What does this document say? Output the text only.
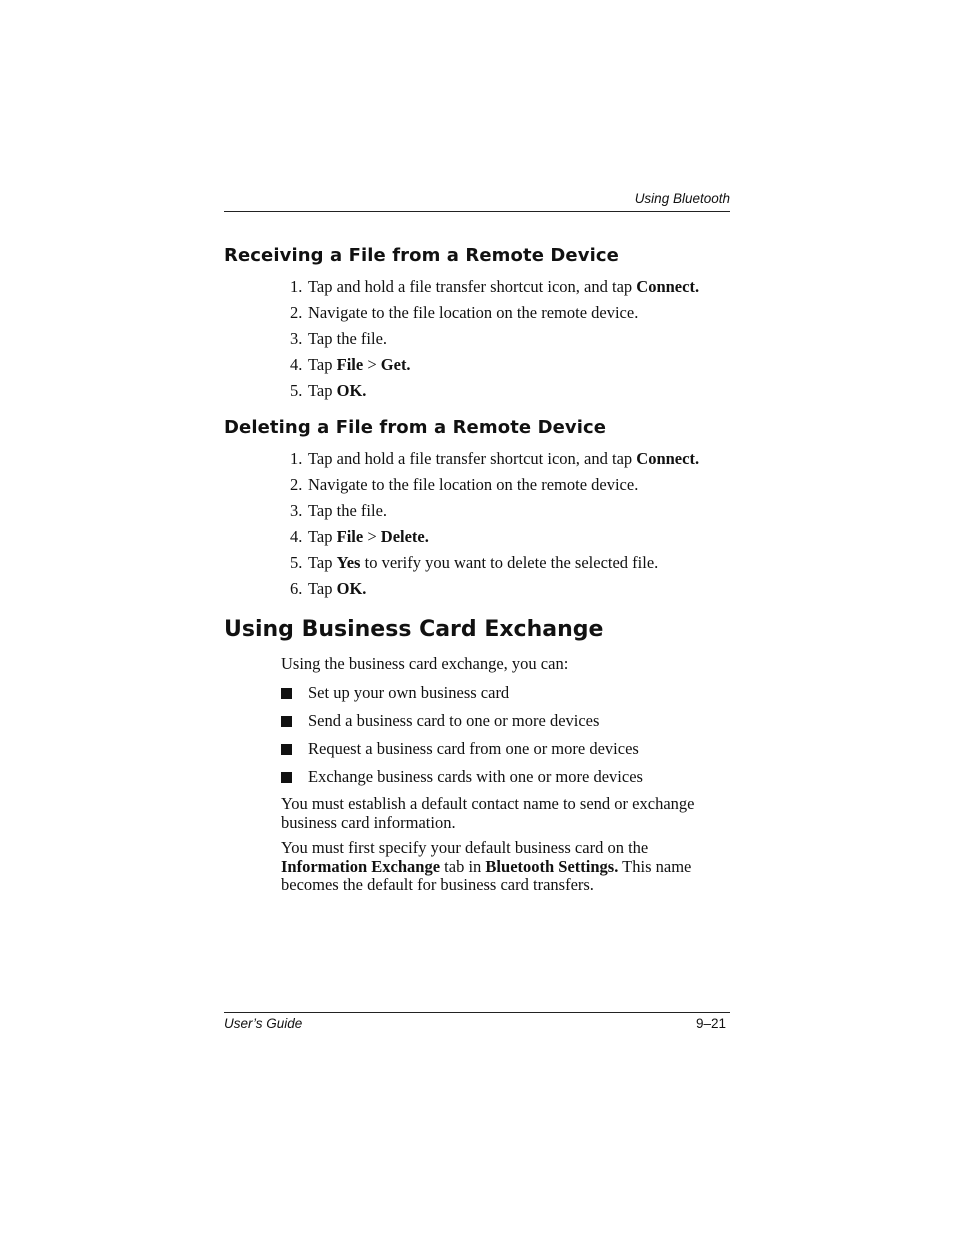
Using Bluetooth
Receiving a File from a Remote Device
1. Tap and hold a file transfer shortcut icon, and tap Connect.
2. Navigate to the file location on the remote device.
3. Tap the file.
4. Tap File > Get.
5. Tap OK.
Deleting a File from a Remote Device
1. Tap and hold a file transfer shortcut icon, and tap Connect.
2. Navigate to the file location on the remote device.
3. Tap the file.
4. Tap File > Delete.
5. Tap Yes to verify you want to delete the selected file.
6. Tap OK.
Using Business Card Exchange

Using the business card exchange, you can:

Set up your own business card
Send a business card to one or more devices
Request a business card from one or more devices
Exchange business cards with one or more devices

You must establish a default contact name to send or exchange business card information.

You must first specify your default business card on the Information Exchange tab in Bluetooth Settings. This name becomes the default for business card transfers.

User’s Guide	9–21
